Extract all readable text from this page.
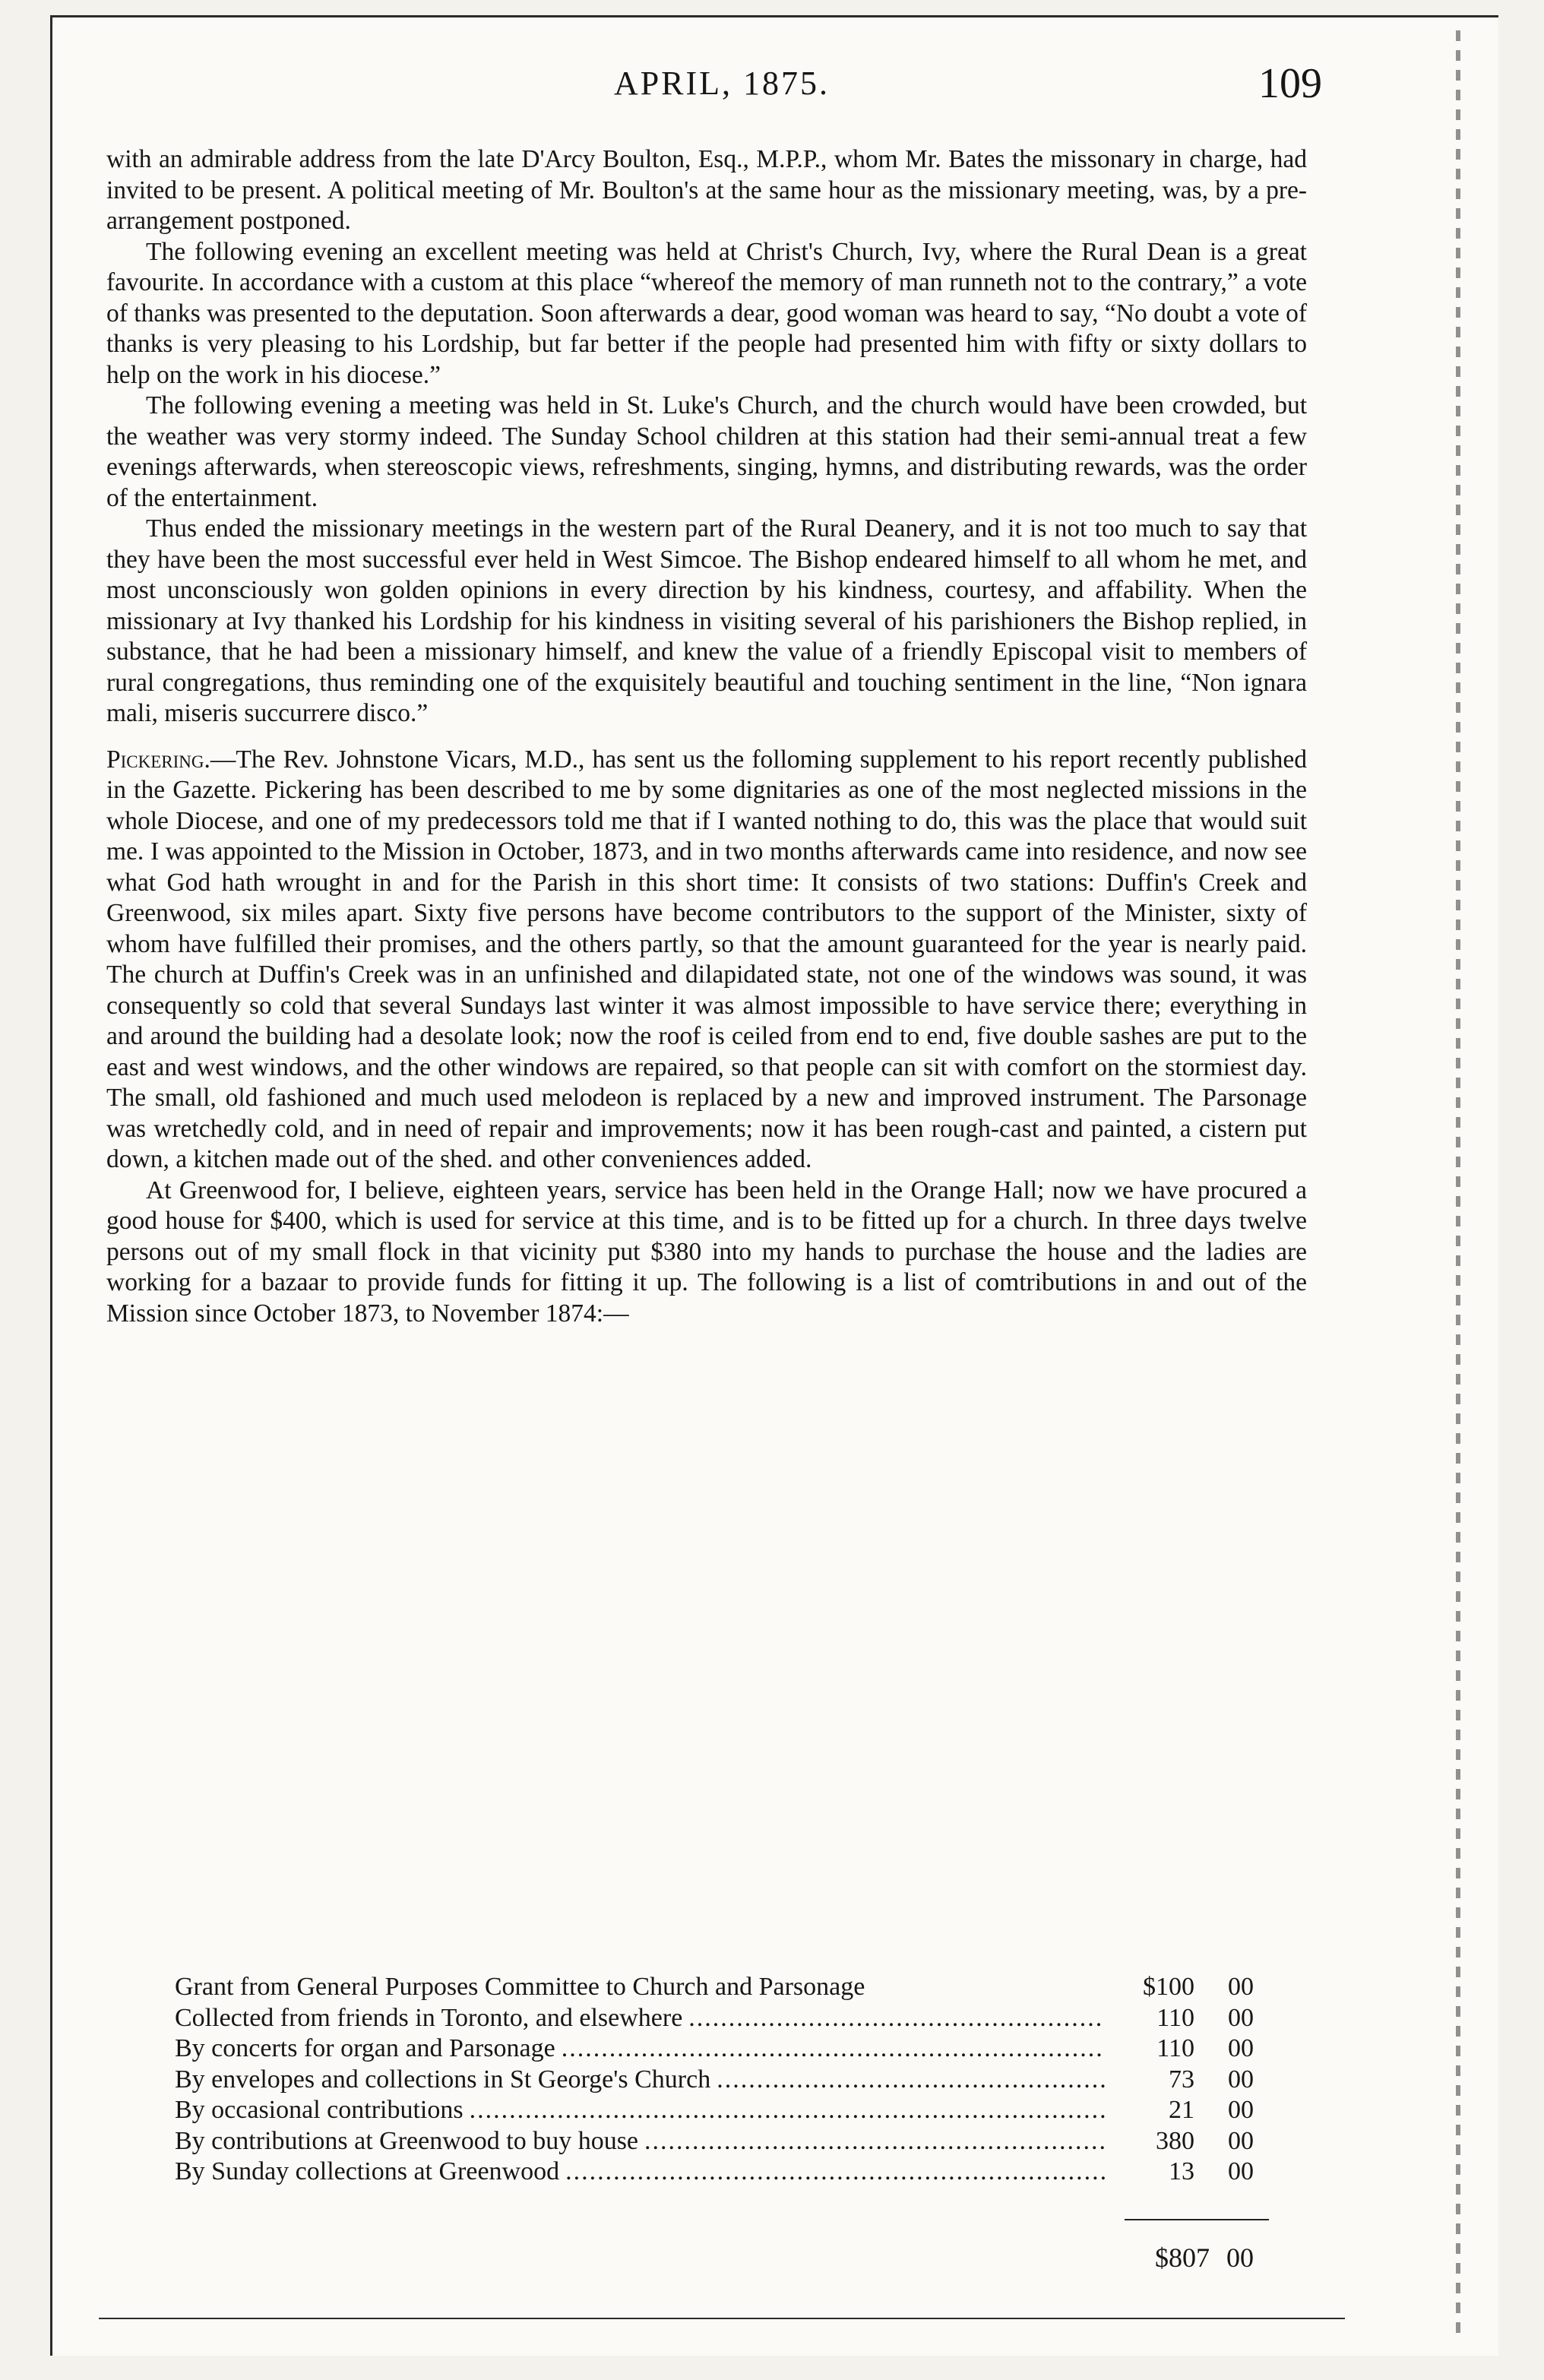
APRIL, 1875.	109

with an admirable address from the late D'Arcy Boulton, Esq., M.P.P., whom Mr. Bates the missonary in charge, had invited to be present. A political meeting of Mr. Boulton's at the same hour as the missionary meeting, was, by a pre-arrangement postponed.

The following evening an excellent meeting was held at Christ's Church, Ivy, where the Rural Dean is a great favourite. In accordance with a custom at this place “whereof the memory of man runneth not to the contrary,” a vote of thanks was presented to the deputation. Soon afterwards a dear, good woman was heard to say, “No doubt a vote of thanks is very pleasing to his Lordship, but far better if the people had presented him with fifty or sixty dollars to help on the work in his diocese.”

The following evening a meeting was held in St. Luke's Church, and the church would have been crowded, but the weather was very stormy indeed. The Sunday School children at this station had their semi-annual treat a few evenings afterwards, when stereoscopic views, refreshments, singing, hymns, and distributing rewards, was the order of the entertainment.

Thus ended the missionary meetings in the western part of the Rural Deanery, and it is not too much to say that they have been the most successful ever held in West Simcoe. The Bishop endeared himself to all whom he met, and most unconsciously won golden opinions in every direction by his kindness, courtesy, and affability. When the missionary at Ivy thanked his Lordship for his kindness in visiting several of his parishioners the Bishop replied, in substance, that he had been a missionary himself, and knew the value of a friendly Episcopal visit to members of rural congregations, thus reminding one of the exquisitely beautiful and touching sentiment in the line, “Non ignara mali, miseris succurrere disco.”

Pickering.—The Rev. Johnstone Vicars, M.D., has sent us the folloming supplement to his report recently published in the Gazette. Pickering has been described to me by some dignitaries as one of the most neglected missions in the whole Diocese, and one of my predecessors told me that if I wanted nothing to do, this was the place that would suit me. I was appointed to the Mission in October, 1873, and in two months afterwards came into residence, and now see what God hath wrought in and for the Parish in this short time: It consists of two stations: Duffin's Creek and Greenwood, six miles apart. Sixty five persons have become contributors to the support of the Minister, sixty of whom have fulfilled their promises, and the others partly, so that the amount guaranteed for the year is nearly paid. The church at Duffin's Creek was in an unfinished and dilapidated state, not one of the windows was sound, it was consequently so cold that several Sundays last winter it was almost impossible to have service there; everything in and around the building had a desolate look; now the roof is ceiled from end to end, five double sashes are put to the east and west windows, and the other windows are repaired, so that people can sit with comfort on the stormiest day. The small, old fashioned and much used melodeon is replaced by a new and improved instrument. The Parsonage was wretchedly cold, and in need of repair and improvements; now it has been rough-cast and painted, a cistern put down, a kitchen made out of the shed. and other conveniences added.

At Greenwood for, I believe, eighteen years, service has been held in the Orange Hall; now we have procured a good house for $400, which is used for service at this time, and is to be fitted up for a church. In three days twelve persons out of my small flock in that vicinity put $380 into my hands to purchase the house and the ladies are working for a bazaar to provide funds for fitting it up. The following is a list of comtributions in and out of the Mission since October 1873, to November 1874:—

Grant from General Purposes Committee to Church and Parsonage	$100	00
Collected from friends in Toronto, and elsewhere .....	110	00
By concerts for organ and Parsonage .....	110	00
By envelopes and collections in St George's Church .....	73	00
By occasional contributions .....	21	00
By contributions at Greenwood to buy house .....	380	00
By Sunday collections at Greenwood .....	13	00
$807 00
